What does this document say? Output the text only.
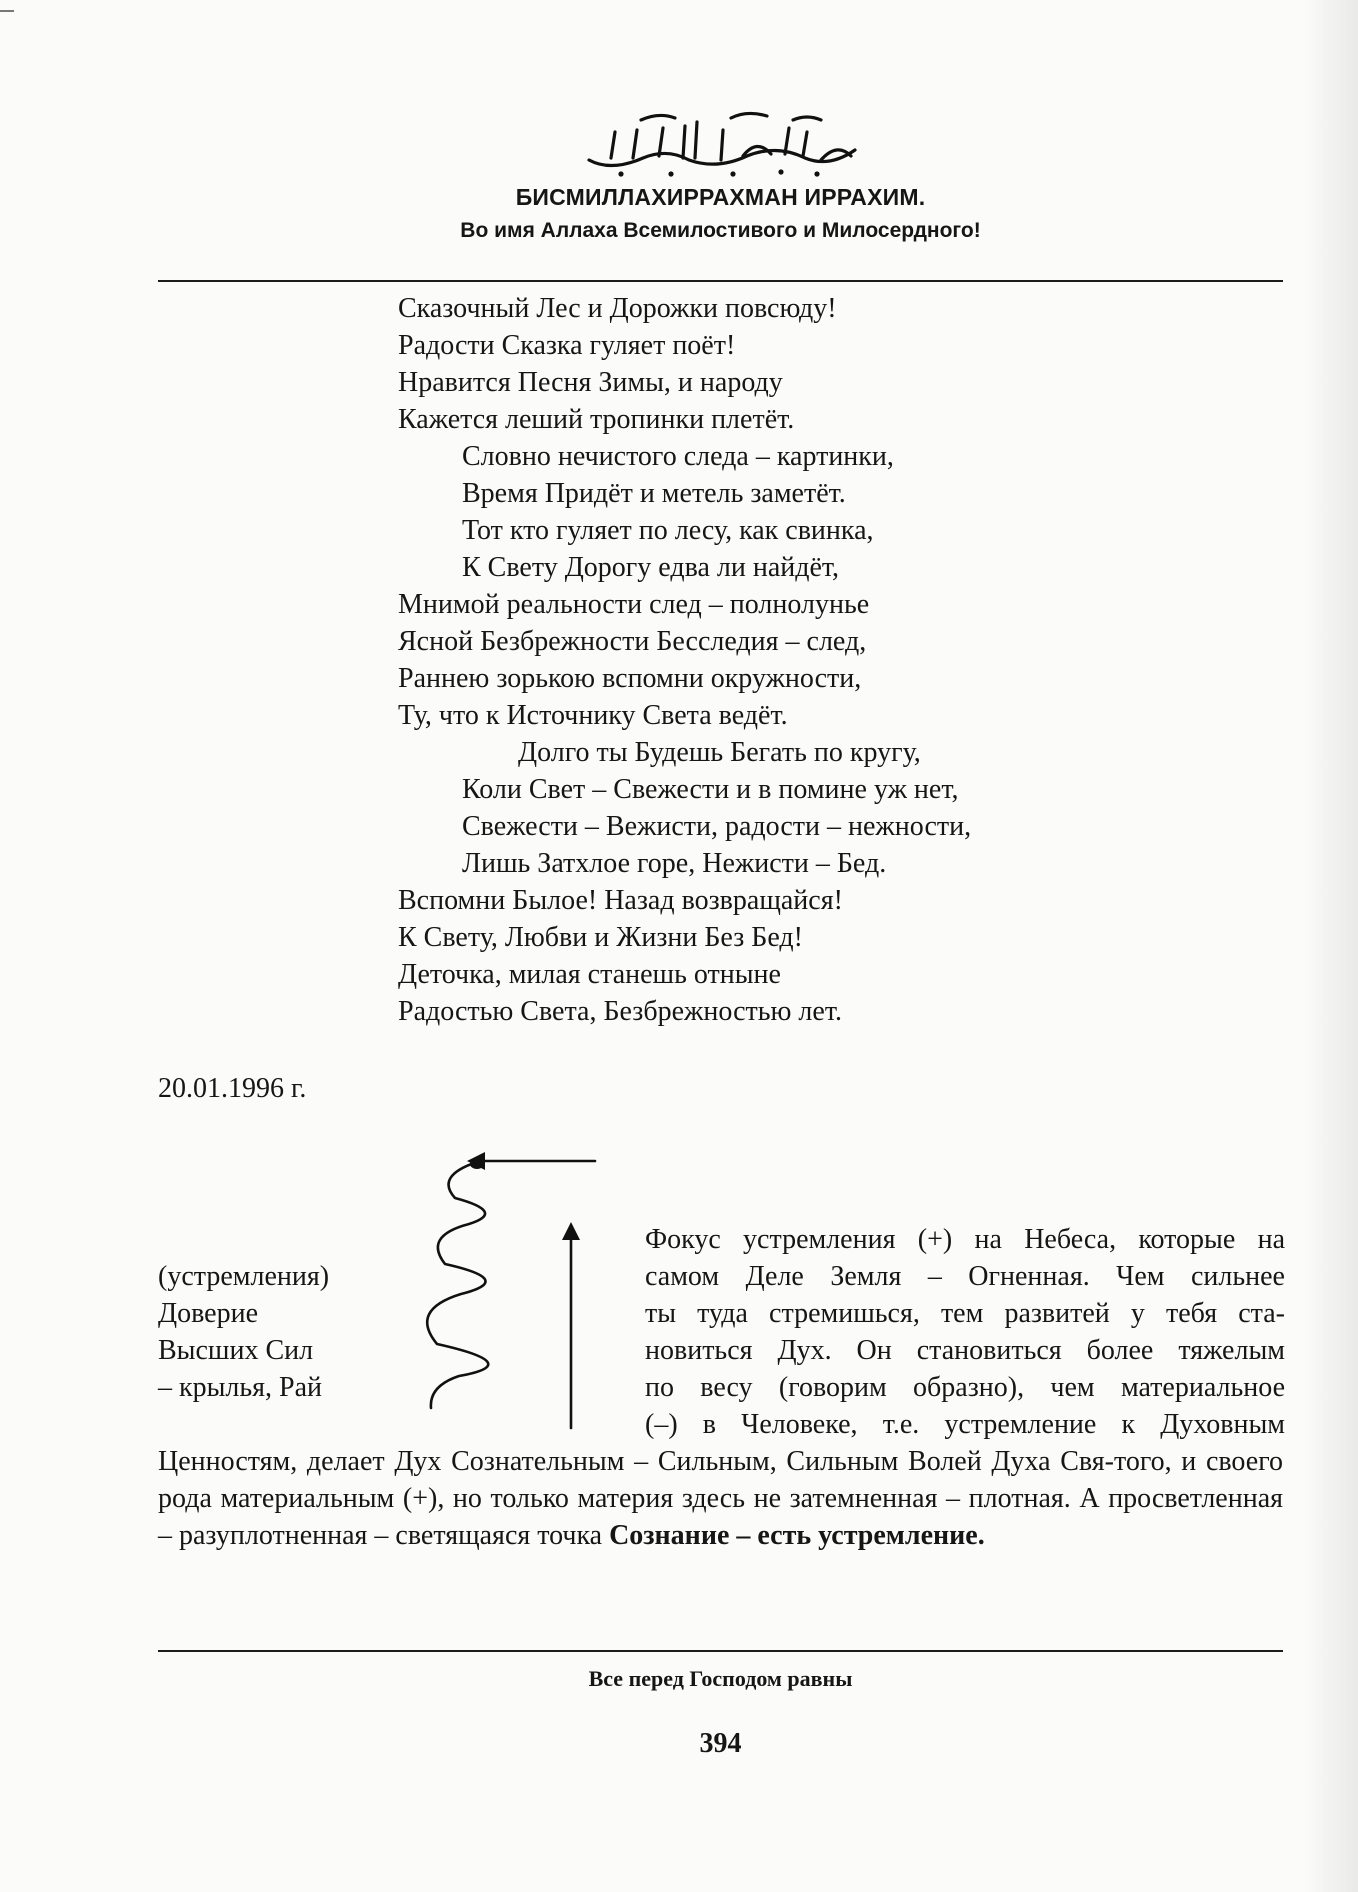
БИСМИЛЛАХИРРАХМАН ИРРАХИМ.
Во имя Аллаха Всемилостивого и Милосердного!
Сказочный Лес и Дорожки повсюду!
Радости Сказка гуляет поёт!
Нравится Песня Зимы, и народу
Кажется леший тропинки плетёт.
Словно нечистого следа – картинки,
Время Придёт и метель заметёт.
Тот кто гуляет по лесу, как свинка,
К Свету Дорогу едва ли найдёт,
Мнимой реальности след – полнолунье
Ясной Безбрежности Бесследия – след,
Раннею зорькою вспомни окружности,
Ту, что к Источнику Света ведёт.
Долго ты Будешь Бегать по кругу,
Коли Свет – Свежести и в помине уж нет,
Свежести – Вежисти, радости – нежности,
Лишь Затхлое горе, Нежисти – Бед.
Вспомни Былое! Назад возвращайся!
К Свету, Любви и Жизни Без Бед!
Деточка, милая станешь отныне
Радостью Света, Безбрежностью лет.
20.01.1996 г.
(устремления)
Доверие
Высших Сил
– крылья, Рай
Фокус устремления (+) на Небеса, которые на
самом Деле Земля – Огненная. Чем сильнее
ты туда стремишься, тем развитей у тебя ста-
новиться Дух. Он становиться более тяжелым
по весу (говорим образно), чем материальное
(–) в Человеке, т.е. устремление к Духовным
Ценностям, делает Дух Сознательным – Сильным, Сильным Волей Духа Свя-того, и своего рода материальным (+), но только материя здесь не затемненная – плотная. А просветленная – разуплотненная – светящаяся точка Сознание – есть устремление.
Все перед Господом равны
394
